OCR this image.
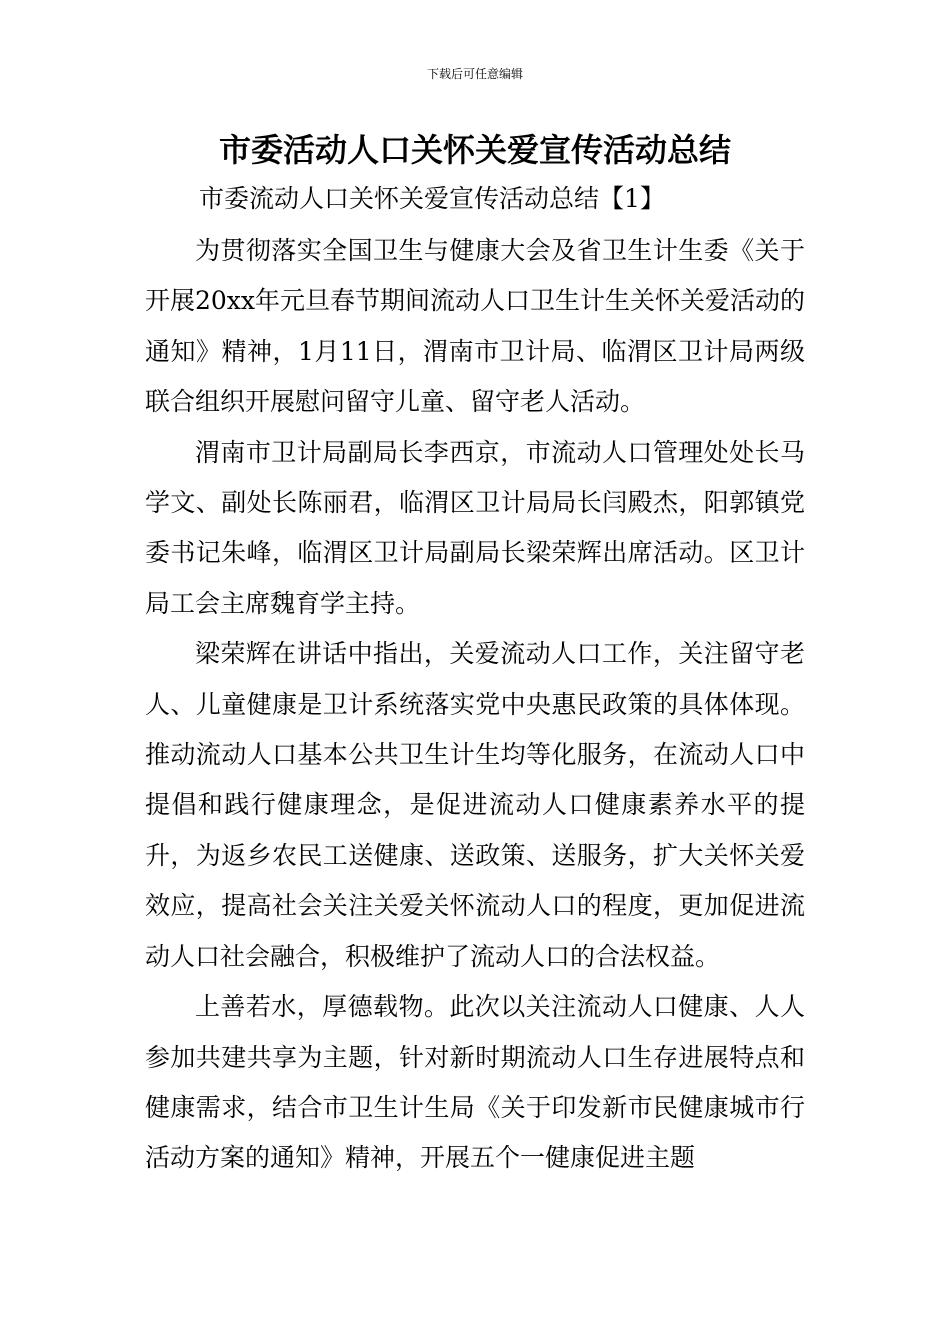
下载后可任意编辑
市委活动人口关怀关爱宣传活动总结
市委流动人口关怀关爱宣传活动总结【1】

为贯彻落实全国卫生与健康大会及省卫生计生委《关于开展20xx年元旦春节期间流动人口卫生计生关怀关爱活动的通知》精神，1月11日，渭南市卫计局、临渭区卫计局两级联合组织开展慰问留守儿童、留守老人活动。

渭南市卫计局副局长李西京，市流动人口管理处处长马学文、副处长陈丽君，临渭区卫计局局长闫殿杰，阳郭镇党委书记朱峰，临渭区卫计局副局长梁荣辉出席活动。区卫计局工会主席魏育学主持。

梁荣辉在讲话中指出，关爱流动人口工作，关注留守老人、儿童健康是卫计系统落实党中央惠民政策的具体体现。推动流动人口基本公共卫生计生均等化服务，在流动人口中提倡和践行健康理念，是促进流动人口健康素养水平的提升，为返乡农民工送健康、送政策、送服务，扩大关怀关爱效应，提高社会关注关爱关怀流动人口的程度，更加促进流动人口社会融合，积极维护了流动人口的合法权益。

上善若水，厚德载物。此次以关注流动人口健康、人人参加共建共享为主题，针对新时期流动人口生存进展特点和健康需求，结合市卫生计生局《关于印发新市民健康城市行活动方案的通知》精神，开展五个一健康促进主题
